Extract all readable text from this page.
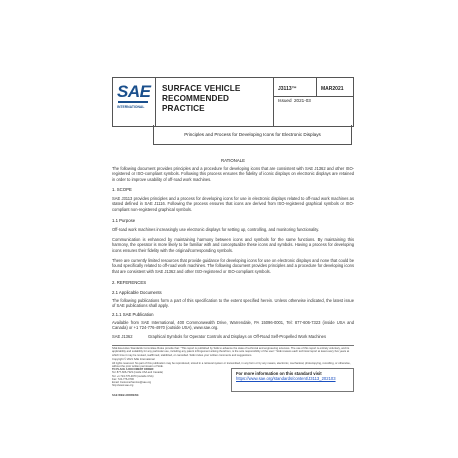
SAE
INTERNATIONAL
SURFACE VEHICLE
RECOMMENDED PRACTICE
J3113™	MAR2021
Issued 2021-03
Principles and Process for Developing Icons for Electronic Displays
RATIONALE
The following document provides principles and a procedure for developing icons that are consistent with SAE J1362 and other ISO-registered or ISO-compliant symbols. Following this process ensures the fidelity of iconic displays on electronic displays are retained in order to improve usability of off-road work machines.
1. SCOPE
SAE J3113 provides principles and a process for developing icons for use in electronic displays related to off-road work machines as stated defined in SAE J1116. Following the process ensures that icons are derived from ISO-registered graphical symbols or ISO-compliant non-registered graphical symbols.
1.1 Purpose
Off-road work machines increasingly use electronic displays for setting up, controlling, and monitoring functionality.
Communication is enhanced by maintaining harmony between icons and symbols for the same functions. By maintaining this harmony, the operator is more likely to be familiar with and conceptualize these icons and symbols. Having a process for developing icons ensures their fidelity with the original/corresponding symbols.
There are currently limited resources that provide guidance for developing icons for use on electronic displays and none that could be found specifically related to off-road work machines. The following document provides principles and a procedure for developing icons that are consistent with SAE J1362 and other ISO-registered or ISO-compliant symbols.
2. REFERENCES
2.1 Applicable Documents
The following publications form a part of this specification to the extent specified herein. Unless otherwise indicated, the latest issue of SAE publications shall apply.
2.1.1 SAE Publication
Available from SAE International, 400 Commonwealth Drive, Warrendale, PA 15096-0001, Tel: 877-606-7323 (inside USA and Canada) or +1 724-776-4970 (outside USA), www.sae.org.
SAE J1362	Graphical Symbols for Operator Controls and Displays on Off-Road Self-Propelled Work Machines
SAE Executive Standards Committee Rules provide that: "This report is published by SAE to advance the state of technical and engineering sciences. The use of this report is entirely voluntary, and its applicability and suitability for any particular use, including any patent infringement arising therefrom, is the sole responsibility of the user." SAE reviews each technical report at least every five years at which time it may be revised, reaffirmed, stabilized, or cancelled. SAE invites your written comments and suggestions.
Copyright © 2021 SAE International
All rights reserved. No part of this publication may be reproduced, stored in a retrieval system or transmitted, in any form or by any means, electronic, mechanical, photocopying, recording, or otherwise, without the prior written permission of SAE.
TO PLACE A DOCUMENT ORDER:
Tel: 877-606-7323 (inside USA and Canada)
Tel: +1 724-776-4970 (outside USA)
Fax: 724-776-0790
Email: CustomerService@sae.org
http://www.sae.org
For more information on this standard visit
https://www.sae.org/standards/content/J3113_202103
SAE WEB ADDRESS:
